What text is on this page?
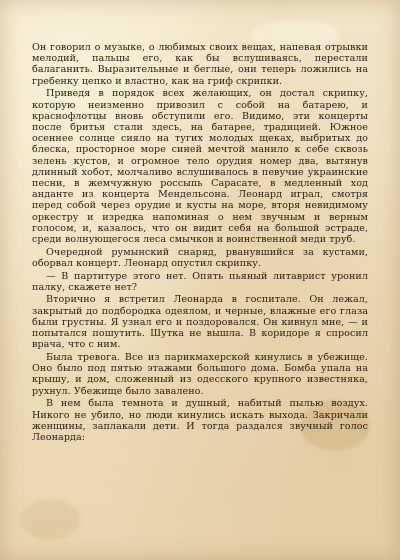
Он говорил о музыке, о любимых своих вещах, напевая отрывки мелодий, пальцы его, как бы вслушиваясь, перестали балаганить. Выразительные и беглые, они теперь ложились на гребенку цепко и властно, как на гриф скрипки.

Приведя в порядок всех желающих, он достал скрипку, которую неизменно привозил с собой на батарею, и краснофлотцы вновь обступили его. Видимо, эти концерты после бритья стали здесь, на батарее, традицией. Южное осеннее солнце сияло на тугих молодых щеках, выбритых до блеска, просторное море синей мечтой манило к себе сквозь зелень кустов, и огромное тело орудия номер два, вытянув длинный хобот, молчаливо вслушивалось в певучие украинские песни, в жемчужную россыпь Сарасате, в медленный ход анданте из концерта Мендельсона. Леонард играл, смотря перед собой через орудие и кусты на море, вторя невидимому оркестру и изредка напоминая о нем звучным и верным голосом, и, казалось, что он видит себя на большой эстраде, среди волнующегося леса смычков и воинственной меди труб.

Очередной румынский снаряд, рванувшийся за кустами, оборвал концерт. Леонард опустил скрипку.

— В партитуре этого нет. Опять пьяный литаврист уронил палку, скажете нет?

Вторично я встретил Леонарда в госпитале. Он лежал, закрытый до подбородка одеялом, и черные, влажные его глаза были грустны. Я узнал его и поздоровался. Он кивнул мне, — и попытался пошутить. Шутка не вышла. В коридоре я спросил врача, что с ним.

Была тревога. Все из парикмахерской кинулись в убежище. Оно было под пятью этажами большого дома. Бомба упала на крышу, и дом, сложенный из одесского крупного известняка, рухнул. Убежище было завалено.

В нем была темнота и душный, набитый пылью воздух. Никого не убило, но люди кинулись искать выхода. Закричали женщины, заплакали дети. И тогда раздался звучный голос Леонарда:
